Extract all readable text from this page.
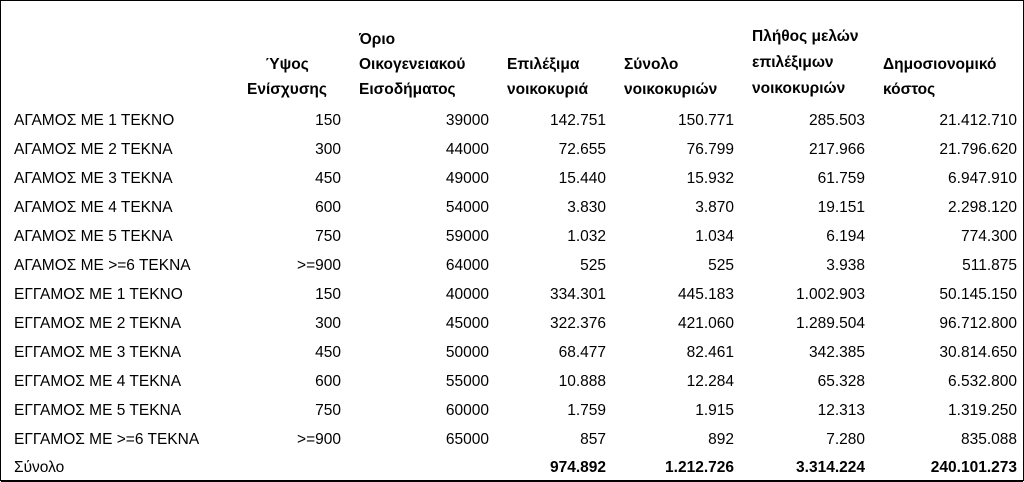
	Ύψος Ενίσχυσης	Όριο Οικογενειακού Εισοδήματος	Επιλέξιμα νοικοκυριά	Σύνολο νοικοκυριών	Πλήθος μελών επιλέξιμων νοικοκυριών	Δημοσιονομικό κόστος
ΑΓΑΜΟΣ ΜΕ 1 ΤΕΚΝΟ	150	39000	142.751	150.771	285.503	21.412.710
ΑΓΑΜΟΣ ΜΕ 2 ΤΕΚΝΑ	300	44000	72.655	76.799	217.966	21.796.620
ΑΓΑΜΟΣ ΜΕ 3 ΤΕΚΝΑ	450	49000	15.440	15.932	61.759	6.947.910
ΑΓΑΜΟΣ ΜΕ 4 ΤΕΚΝΑ	600	54000	3.830	3.870	19.151	2.298.120
ΑΓΑΜΟΣ ΜΕ 5 ΤΕΚΝΑ	750	59000	1.032	1.034	6.194	774.300
ΑΓΑΜΟΣ ΜΕ >=6 ΤΕΚΝΑ	>=900	64000	525	525	3.938	511.875
ΕΓΓΑΜΟΣ ΜΕ 1 ΤΕΚΝΟ	150	40000	334.301	445.183	1.002.903	50.145.150
ΕΓΓΑΜΟΣ ΜΕ 2 ΤΕΚΝΑ	300	45000	322.376	421.060	1.289.504	96.712.800
ΕΓΓΑΜΟΣ ΜΕ 3 ΤΕΚΝΑ	450	50000	68.477	82.461	342.385	30.814.650
ΕΓΓΑΜΟΣ ΜΕ 4 ΤΕΚΝΑ	600	55000	10.888	12.284	65.328	6.532.800
ΕΓΓΑΜΟΣ ΜΕ 5 ΤΕΚΝΑ	750	60000	1.759	1.915	12.313	1.319.250
ΕΓΓΑΜΟΣ ΜΕ >=6 ΤΕΚΝΑ	>=900	65000	857	892	7.280	835.088
Σύνολο			974.892	1.212.726	3.314.224	240.101.273
